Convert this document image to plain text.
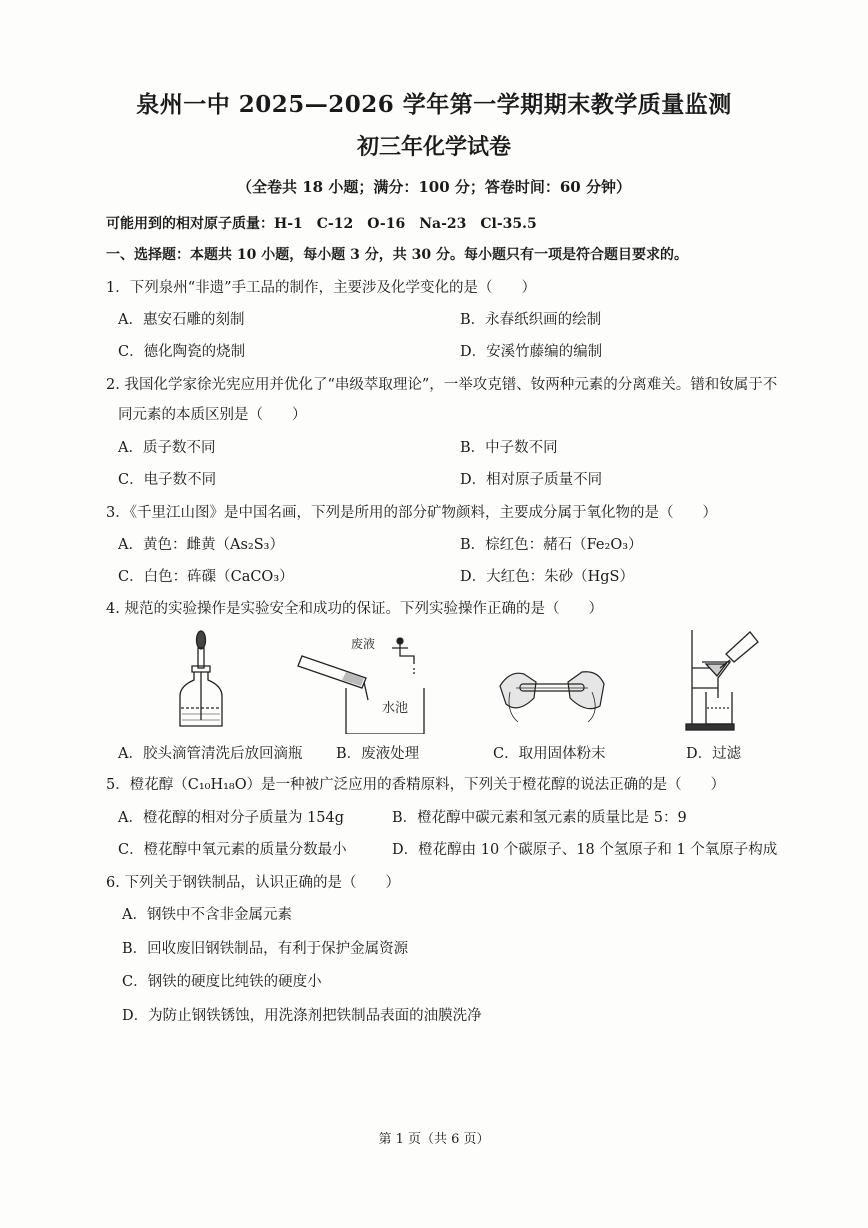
泉州一中 2025—2026 学年第一学期期末教学质量监测
初三年化学试卷
（全卷共 18 小题；满分：100 分；答卷时间：60 分钟）
可能用到的相对原子质量：H-1　C-12　O-16　Na-23　Cl-35.5
一、选择题：本题共 10 小题，每小题 3 分，共 30 分。每小题只有一项是符合题目要求的。
1．下列泉州“非遗”手工品的制作，主要涉及化学变化的是（　　）
A．惠安石雕的刻制	B．永春纸织画的绘制
C．德化陶瓷的烧制	D．安溪竹藤编的编制
2. 我国化学家徐光宪应用并优化了“串级萃取理论”，一举攻克镨、钕两种元素的分离难关。镨和钕属于不
同元素的本质区别是（　　）
A．质子数不同	B．中子数不同
C．电子数不同	D．相对原子质量不同
3．《千里江山图》是中国名画，下列是所用的部分矿物颜料，主要成分属于氧化物的是（　　）
A．黄色：雌黄（As₂S₃）	B．棕红色：赭石（Fe₂O₃）
C．白色：砗磲（CaCO₃）	D．大红色：朱砂（HgS）
4. 规范的实验操作是实验安全和成功的保证。下列实验操作正确的是（　　）
废液
水池
A．胶头滴管清洗后放回滴瓶 B．废液处理	C．取用固体粉末	D．过滤
5．橙花醇（C₁₀H₁₈O）是一种被广泛应用的香精原料，下列关于橙花醇的说法正确的是（　　）
A．橙花醇的相对分子质量为 154g	B．橙花醇中碳元素和氢元素的质量比是 5：9
C．橙花醇中氧元素的质量分数最小	D．橙花醇由 10 个碳原子、18 个氢原子和 1 个氧原子构成
6. 下列关于钢铁制品，认识正确的是（　　）
A．钢铁中不含非金属元素
B．回收废旧钢铁制品，有利于保护金属资源
C．钢铁的硬度比纯铁的硬度小
D．为防止钢铁锈蚀，用洗涤剂把铁制品表面的油膜洗净
第 1 页（共 6 页）
